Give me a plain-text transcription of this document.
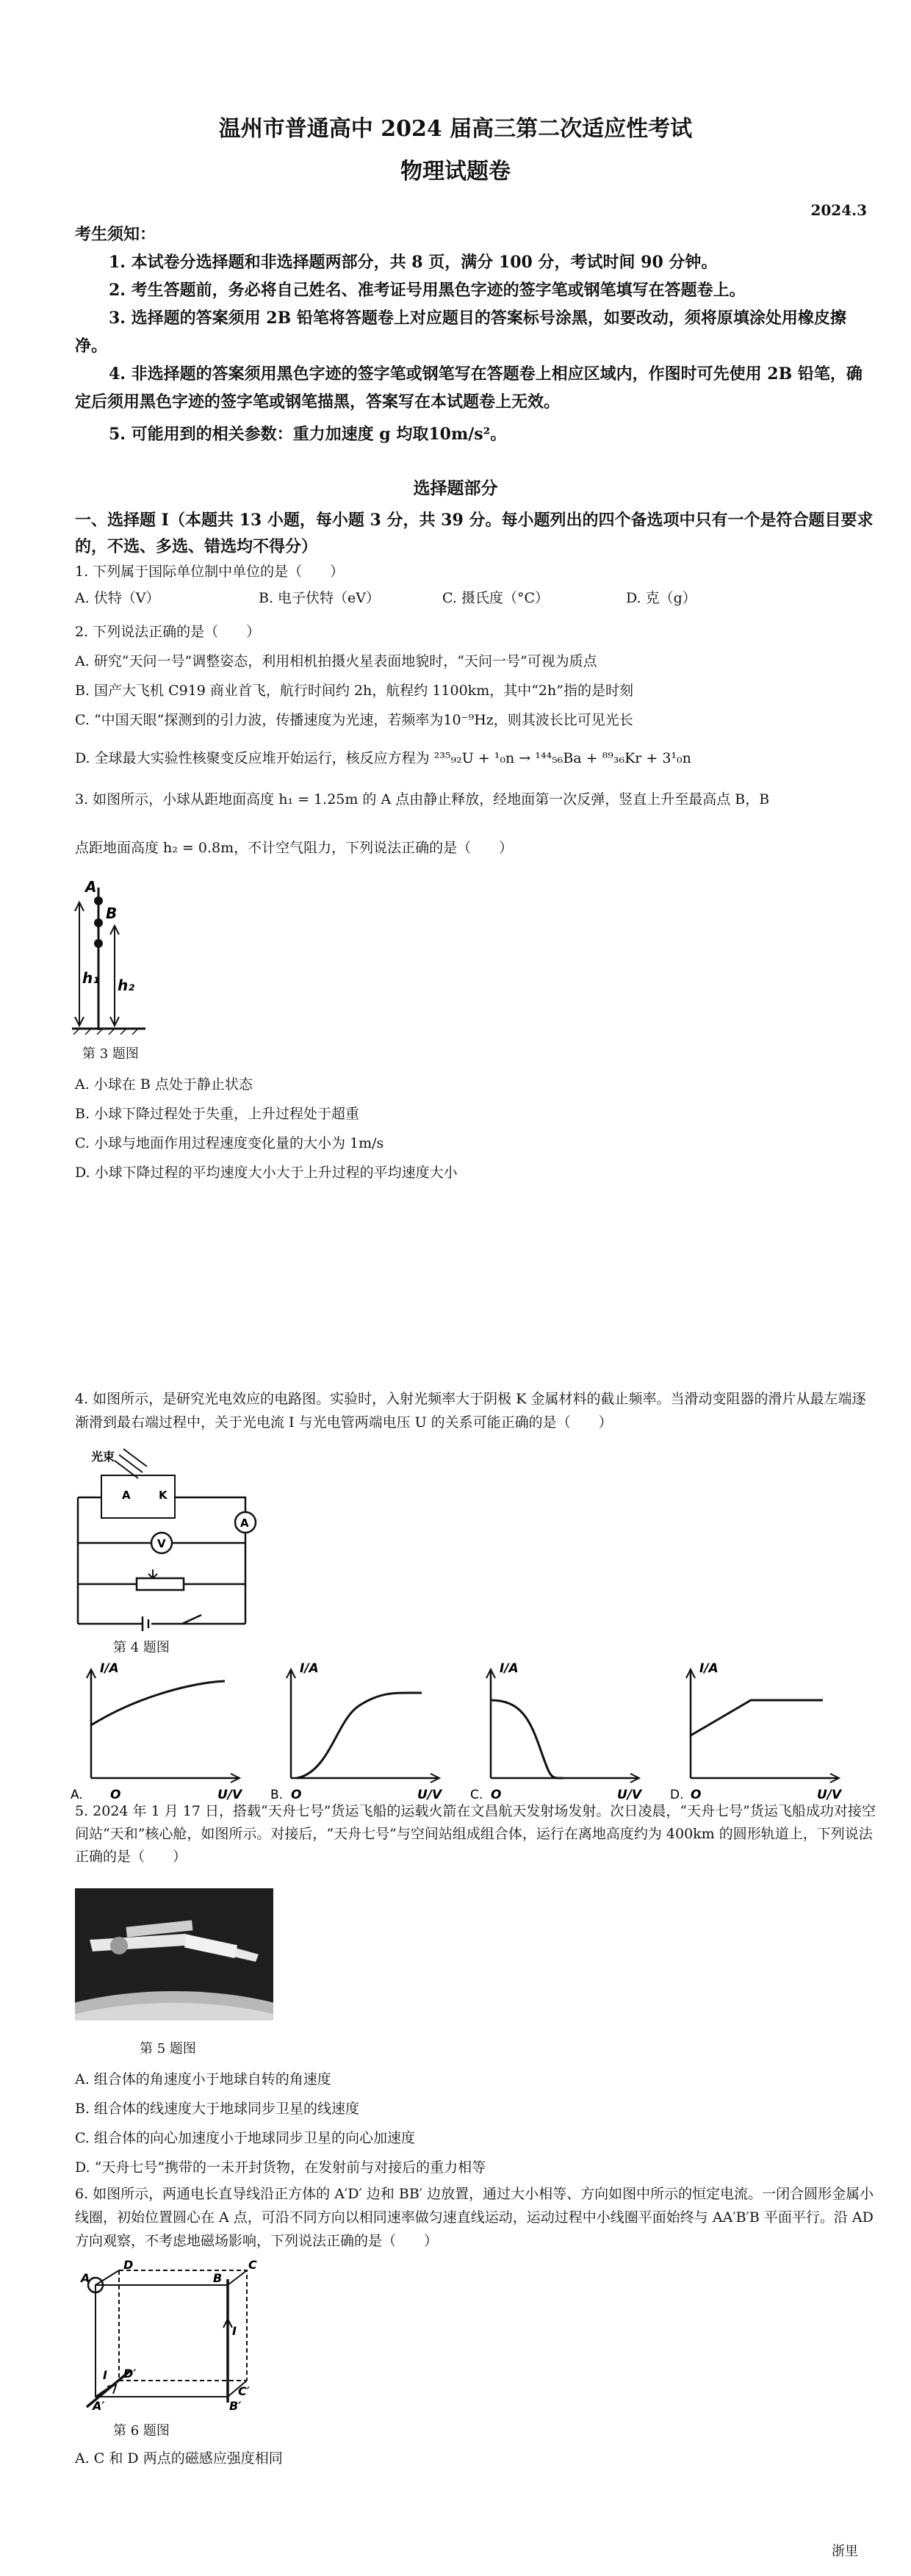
温州市普通高中 2024 届高三第二次适应性考试
物理试题卷
2024.3
考生须知：
1. 本试卷分选择题和非选择题两部分，共 8 页，满分 100 分，考试时间 90 分钟。
2. 考生答题前，务必将自己姓名、准考证号用黑色字迹的签字笔或钢笔填写在答题卷上。
3. 选择题的答案须用 2B 铅笔将答题卷上对应题目的答案标号涂黑，如要改动，须将原填涂处用橡皮擦净。
4. 非选择题的答案须用黑色字迹的签字笔或钢笔写在答题卷上相应区域内，作图时可先使用 2B 铅笔，确定后须用黑色字迹的签字笔或钢笔描黑，答案写在本试题卷上无效。
5. 可能用到的相关参数：重力加速度 g 均取10m/s²。
选择题部分
一、选择题 Ⅰ（本题共 13 小题，每小题 3 分，共 39 分。每小题列出的四个备选项中只有一个是符合题目要求的，不选、多选、错选均不得分）
1. 下列属于国际单位制中单位的是（　　）
A. 伏特（V）	B. 电子伏特（eV）	C. 摄氏度（°C）	D. 克（g）
2. 下列说法正确的是（　　）
A. 研究“天问一号”调整姿态，利用相机拍摄火星表面地貌时，“天问一号”可视为质点
B. 国产大飞机 C919 商业首飞，航行时间约 2h，航程约 1100km，其中“2h”指的是时刻
C. “中国天眼”探测到的引力波，传播速度为光速，若频率为10⁻⁹Hz，则其波长比可见光长
D. 全球最大实验性核聚变反应堆开始运行，核反应方程为 ²³⁵₉₂U + ¹₀n → ¹⁴⁴₅₆Ba + ⁸⁹₃₆Kr + 3¹₀n
3. 如图所示，小球从距地面高度 h₁ = 1.25m 的 A 点由静止释放，经地面第一次反弹，竖直上升至最高点 B，B
点距地面高度 h₂ = 0.8m，不计空气阻力，下列说法正确的是（　　）
A
B
h₁ h₂
第 3 题图
A. 小球在 B 点处于静止状态
B. 小球下降过程处于失重，上升过程处于超重
C. 小球与地面作用过程速度变化量的大小为 1m/s
D. 小球下降过程的平均速度大小大于上升过程的平均速度大小
4. 如图所示，是研究光电效应的电路图。实验时，入射光频率大于阴极 K 金属材料的截止频率。当滑动变阻器的滑片从最左端逐渐滑到最右端过程中，关于光电流 I 与光电管两端电压 U 的关系可能正确的是（　　）
光束
A	K
A
V
第 4 题图
I/A
U/V
O
A.
I/A
U/V
O
B.
I/A
U/V
O
C.
I/A
U/V
O
D.
5. 2024 年 1 月 17 日，搭载“天舟七号”货运飞船的运载火箭在文昌航天发射场发射。次日凌晨，“天舟七号”货运飞船成功对接空间站“天和”核心舱，如图所示。对接后，“天舟七号”与空间站组成组合体，运行在离地高度约为 400km 的圆形轨道上，下列说法正确的是（　　）
第 5 题图
A. 组合体的角速度小于地球自转的角速度
B. 组合体的线速度大于地球同步卫星的线速度
C. 组合体的向心加速度小于地球同步卫星的向心加速度
D. “天舟七号”携带的一未开封货物，在发射前与对接后的重力相等
6. 如图所示，两通电长直导线沿正方体的 A′D′ 边和 BB′ 边放置，通过大小相等、方向如图中所示的恒定电流。一闭合圆形金属小线圈，初始位置圆心在 A 点，可沿不同方向以相同速率做匀速直线运动，运动过程中小线圈平面始终与 AA′B′B 平面平行。沿 AD 方向观察，不考虑地磁场影响，下列说法正确的是（　　）
A
D
B
C
I
I D′
C′
A′	B′
第 6 题图
A. C 和 D 两点的磁感应强度相同
浙里
